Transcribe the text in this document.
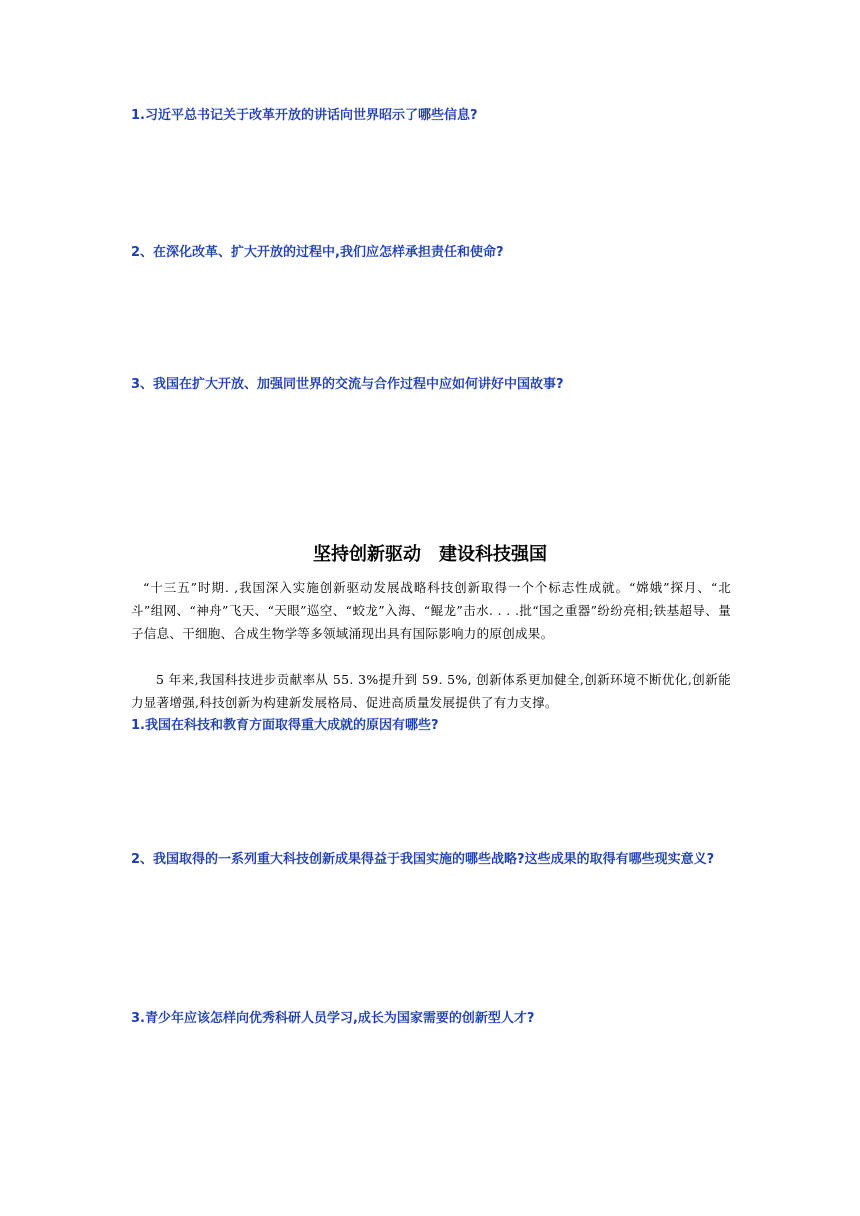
1.习近平总书记关于改革开放的讲话向世界昭示了哪些信息?

2、在深化改革、扩大开放的过程中,我们应怎样承担责任和使命?

3、我国在扩大开放、加强同世界的交流与合作过程中应如何讲好中国故事?

坚持创新驱动　建设科技强国

“十三五”时期. ,我国深入实施创新驱动发展战略科技创新取得一个个标志性成就。“嫦娥”探月、“北斗”组网、“神舟”飞天、“天眼”巡空、“蛟龙”入海、“鲲龙”击水. . . .批“国之重器”纷纷亮相;铁基超导、量子信息、干细胞、合成生物学等多领域涌现出具有国际影响力的原创成果。

5 年来,我国科技进步贡献率从 55. 3%提升到 59. 5%, 创新体系更加健全,创新环境不断优化,创新能力显著增强,科技创新为构建新发展格局、促进高质量发展提供了有力支撑。

1.我国在科技和教育方面取得重大成就的原因有哪些?

2、我国取得的一系列重大科技创新成果得益于我国实施的哪些战略?这些成果的取得有哪些现实意义?

3.青少年应该怎样向优秀科研人员学习,成长为国家需要的创新型人才?
